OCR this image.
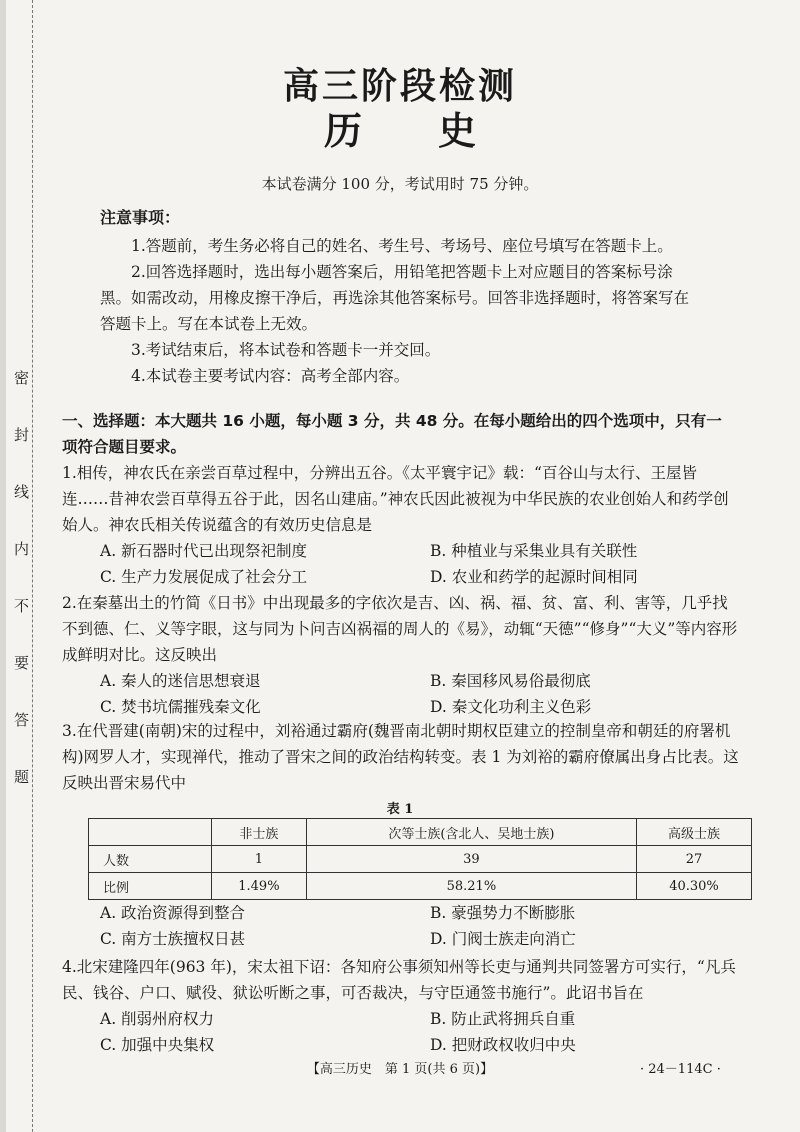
密封线内不要答题
高三阶段检测
历　　史
本试卷满分 100 分，考试用时 75 分钟。
注意事项：
1.答题前，考生务必将自己的姓名、考生号、考场号、座位号填写在答题卡上。
2.回答选择题时，选出每小题答案后，用铅笔把答题卡上对应题目的答案标号涂黑。如需改动，用橡皮擦干净后，再选涂其他答案标号。回答非选择题时，将答案写在答题卡上。写在本试卷上无效。
3.考试结束后，将本试卷和答题卡一并交回。
4.本试卷主要考试内容：高考全部内容。
一、选择题：本大题共 16 小题，每小题 3 分，共 48 分。在每小题给出的四个选项中，只有一项符合题目要求。

1.相传，神农氏在亲尝百草过程中，分辨出五谷。《太平寰宇记》载：“百谷山与太行、王屋皆连……昔神农尝百草得五谷于此，因名山建庙。”神农氏因此被视为中华民族的农业创始人和药学创始人。神农氏相关传说蕴含的有效历史信息是

A. 新石器时代已出现祭祀制度	B. 种植业与采集业具有关联性
C. 生产力发展促成了社会分工	D. 农业和药学的起源时间相同

2.在秦墓出土的竹简《日书》中出现最多的字依次是吉、凶、祸、福、贫、富、利、害等，几乎找不到德、仁、义等字眼，这与同为卜问吉凶祸福的周人的《易》，动辄“天德”“修身”“大义”等内容形成鲜明对比。这反映出

A. 秦人的迷信思想衰退	B. 秦国移风易俗最彻底
C. 焚书坑儒摧残秦文化	D. 秦文化功利主义色彩

3.在代晋建(南朝)宋的过程中，刘裕通过霸府(魏晋南北朝时期权臣建立的控制皇帝和朝廷的府署机构)网罗人才，实现禅代，推动了晋宋之间的政治结构转变。表 1 为刘裕的霸府僚属出身占比表。这反映出晋宋易代中

表 1
	非士族	次等士族(含北人、吴地士族)	高级士族
人数	1	39	27
比例	1.49%	58.21%	40.30%
A. 政治资源得到整合	B. 豪强势力不断膨胀
C. 南方士族擅权日甚	D. 门阀士族走向消亡

4.北宋建隆四年(963 年)，宋太祖下诏：各知府公事须知州等长吏与通判共同签署方可实行，“凡兵民、钱谷、户口、赋役、狱讼听断之事，可否裁决，与守臣通签书施行”。此诏书旨在

A. 削弱州府权力	B. 防止武将拥兵自重
C. 加强中央集权	D. 把财政权收归中央
【高三历史　第 1 页(共 6 页)】	· 24－114C ·
